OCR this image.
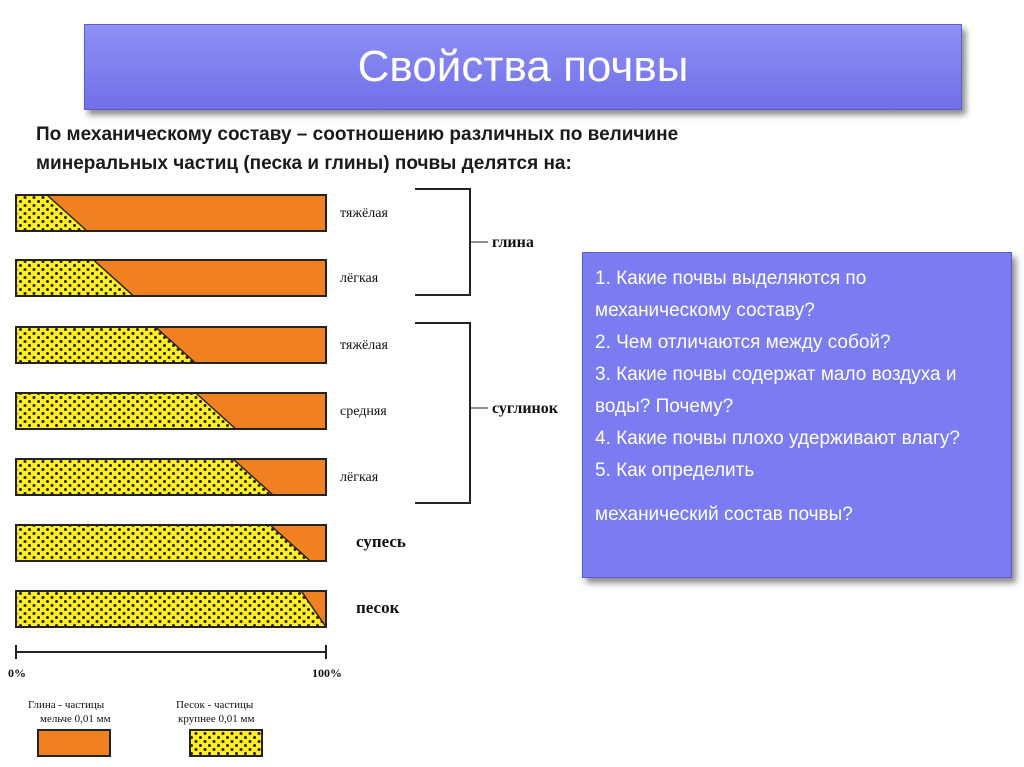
Свойства почвы
По механическому составу – соотношению различных по величине
минеральных частиц (песка и глины) почвы делятся на:
тяжёлая
лёгкая
тяжёлая
средняя
лёгкая
супесь
песок
глина
суглинок
0%	100%
Глина - частицы
мельче 0,01 мм
Песок - частицы
крупнее 0,01 мм
1. Какие почвы выделяются по механическому составу?
2. Чем отличаются между собой?
3. Какие почвы содержат мало воздуха и воды? Почему?
4. Какие почвы плохо удерживают влагу?
5. Как определить
механический состав почвы?
